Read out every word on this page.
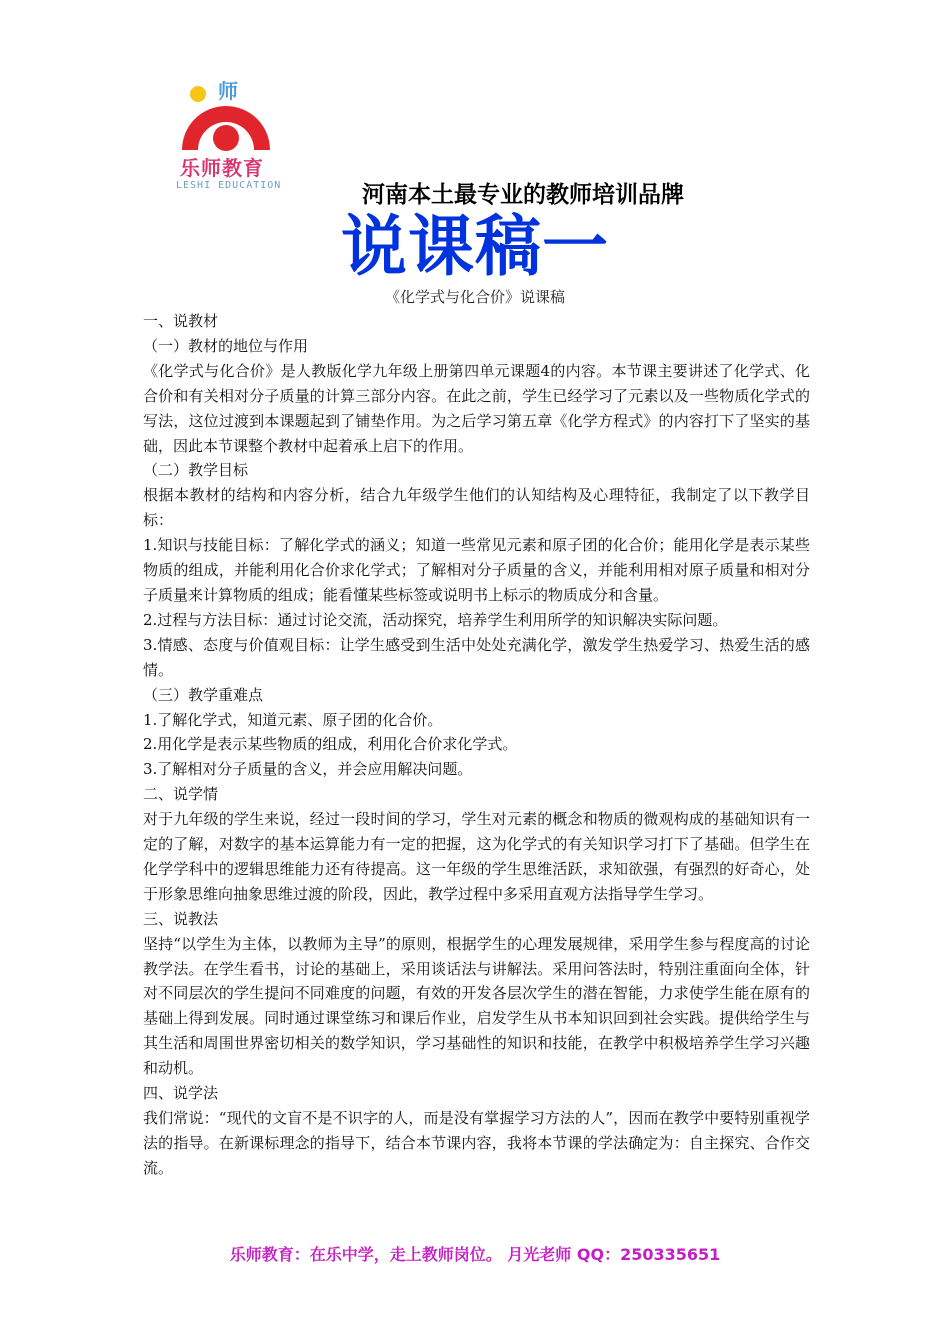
师
乐师教育
LESHI EDUCATION	河南本土最专业的教师培训品牌
说课稿一
《化学式与化合价》说课稿

一、说教材

（一）教材的地位与作用

《化学式与化合价》是人教版化学九年级上册第四单元课题4的内容。本节课主要讲述了化学式、化合价和有关相对分子质量的计算三部分内容。在此之前，学生已经学习了元素以及一些物质化学式的写法，这位过渡到本课题起到了铺垫作用。为之后学习第五章《化学方程式》的内容打下了坚实的基础，因此本节课整个教材中起着承上启下的作用。

（二）教学目标

根据本教材的结构和内容分析，结合九年级学生他们的认知结构及心理特征，我制定了以下教学目标：

1.知识与技能目标：了解化学式的涵义；知道一些常见元素和原子团的化合价；能用化学是表示某些物质的组成，并能利用化合价求化学式；了解相对分子质量的含义，并能利用相对原子质量和相对分子质量来计算物质的组成；能看懂某些标签或说明书上标示的物质成分和含量。

2.过程与方法目标：通过讨论交流，活动探究，培养学生利用所学的知识解决实际问题。

3.情感、态度与价值观目标：让学生感受到生活中处处充满化学，激发学生热爱学习、热爱生活的感情。

（三）教学重难点

1.了解化学式，知道元素、原子团的化合价。

2.用化学是表示某些物质的组成，利用化合价求化学式。

3.了解相对分子质量的含义，并会应用解决问题。

二、说学情

对于九年级的学生来说，经过一段时间的学习，学生对元素的概念和物质的微观构成的基础知识有一定的了解，对数字的基本运算能力有一定的把握，这为化学式的有关知识学习打下了基础。但学生在化学学科中的逻辑思维能力还有待提高。这一年级的学生思维活跃，求知欲强，有强烈的好奇心，处于形象思维向抽象思维过渡的阶段，因此，教学过程中多采用直观方法指导学生学习。

三、说教法

坚持“以学生为主体，以教师为主导”的原则，根据学生的心理发展规律，采用学生参与程度高的讨论教学法。在学生看书，讨论的基础上，采用谈话法与讲解法。采用问答法时，特别注重面向全体，针对不同层次的学生提问不同难度的问题，有效的开发各层次学生的潜在智能，力求使学生能在原有的基础上得到发展。同时通过课堂练习和课后作业，启发学生从书本知识回到社会实践。提供给学生与其生活和周围世界密切相关的数学知识，学习基础性的知识和技能，在教学中积极培养学生学习兴趣和动机。

四、说学法

我们常说：“现代的文盲不是不识字的人，而是没有掌握学习方法的人”，因而在教学中要特别重视学法的指导。在新课标理念的指导下，结合本节课内容，我将本节课的学法确定为：自主探究、合作交流。

乐师教育：在乐中学，走上教师岗位。 月光老师 QQ：250335651
